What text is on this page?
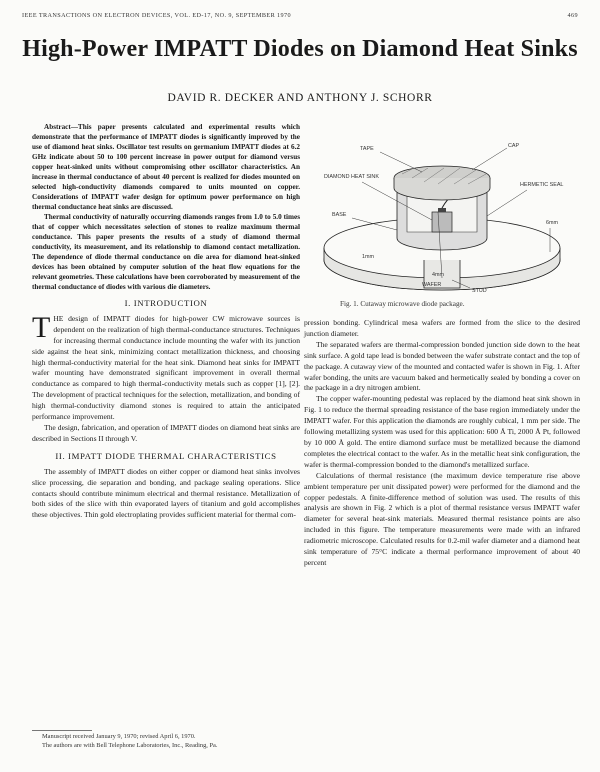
IEEE TRANSACTIONS ON ELECTRON DEVICES, VOL. ED-17, NO. 9, SEPTEMBER 1970	469
High-Power IMPATT Diodes on Diamond Heat Sinks
DAVID R. DECKER AND ANTHONY J. SCHORR

Abstract—This paper presents calculated and experimental results which demonstrate that the performance of IMPATT diodes is significantly improved by the use of diamond heat sinks. Oscillator test results on germanium IMPATT diodes at 6.2 GHz indicate about 50 to 100 percent increase in power output for diamond versus copper heat-sinked units without compromising other oscillator characteristics. An increase in thermal conductance of about 40 percent is realized for diodes mounted on selected high-conductivity diamonds compared to units mounted on copper. Considerations of IMPATT wafer design for optimum power performance on high thermal conductance heat sinks are discussed.

Thermal conductivity of naturally occurring diamonds ranges from 1.0 to 5.0 times that of copper which necessitates selection of stones to realize maximum thermal conductance. This paper presents the results of a study of diamond thermal conductivity, its measurement, and its relationship to diamond contact metallization. The dependence of diode thermal conductance on die area for diamond heat-sinked devices has been obtained by computer solution of the heat flow equations for the relevant geometries. These calculations have been corroborated by measurement of the thermal conductance of diodes with various die diameters.

I. INTRODUCTION

THE design of IMPATT diodes for high-power CW microwave sources is dependent on the realization of high thermal-conductance structures. Techniques for increasing thermal conductance include mounting the wafer with its junction side against the heat sink, minimizing contact metallization thickness, and choosing high thermal-conductivity material for the heat sink. Diamond heat sinks for IMPATT wafer mounting have demonstrated significant improvement in overall thermal conductance as compared to high thermal-conductivity metals such as copper [1], [2]. The development of practical techniques for the selection, metallization, and bonding of high thermal-conductivity diamond stones is required to attain the anticipated performance improvement.

The design, fabrication, and operation of IMPATT diodes on diamond heat sinks are described in Sections II through V.

II. IMPATT DIODE THERMAL CHARACTERISTICS

The assembly of IMPATT diodes on either copper or diamond heat sinks involves slice processing, die separation and bonding, and package sealing operations. Slice contacts should contribute minimum electrical and thermal resistance. Metallization of both sides of the slice with thin evaporated layers of titanium and gold accomplishes these objectives. Thin gold electroplating provides sufficient material for thermal com-

Manuscript received January 9, 1970; revised April 6, 1970.
The authors are with Bell Telephone Laboratories, Inc., Reading, Pa.
TAPE	CAP
DIAMOND HEAT SINK
HERMETIC SEAL
BASE
WAFER
STUD
1mm
4mm
6mm
Fig. 1. Cutaway microwave diode package.

pression bonding. Cylindrical mesa wafers are formed from the slice to the desired junction diameter.

The separated wafers are thermal-compression bonded junction side down to the heat sink surface. A gold tape lead is bonded between the wafer substrate contact and the top of the package. A cutaway view of the mounted and contacted wafer is shown in Fig. 1. After wafer bonding, the units are vacuum baked and hermetically sealed by bonding a cover on the package in a dry nitrogen ambient.

The copper wafer-mounting pedestal was replaced by the diamond heat sink shown in Fig. 1 to reduce the thermal spreading resistance of the base region immediately under the IMPATT wafer. For this application the diamonds are roughly cubical, 1 mm per side. The following metallizing system was used for this application: 600 Å Ti, 2000 Å Pt, followed by 10 000 Å gold. The entire diamond surface must be metallized because the diamond completes the electrical contact to the wafer. As in the metallic heat sink configuration, the wafer is thermal-compression bonded to the diamond's metallized surface.

Calculations of thermal resistance (the maximum device temperature rise above ambient temperature per unit dissipated power) were performed for the diamond and the copper pedestals. A finite-difference method of solution was used. The results of this analysis are shown in Fig. 2 which is a plot of thermal resistance versus IMPATT wafer diameter for several heat-sink materials. Measured thermal resistance points are also included in this figure. The temperature measurements were made with an infrared radiometric microscope. Calculated results for 0.2-mil wafer diameter and a diamond heat sink temperature of 75°C indicate a thermal performance improvement of about 40 percent
